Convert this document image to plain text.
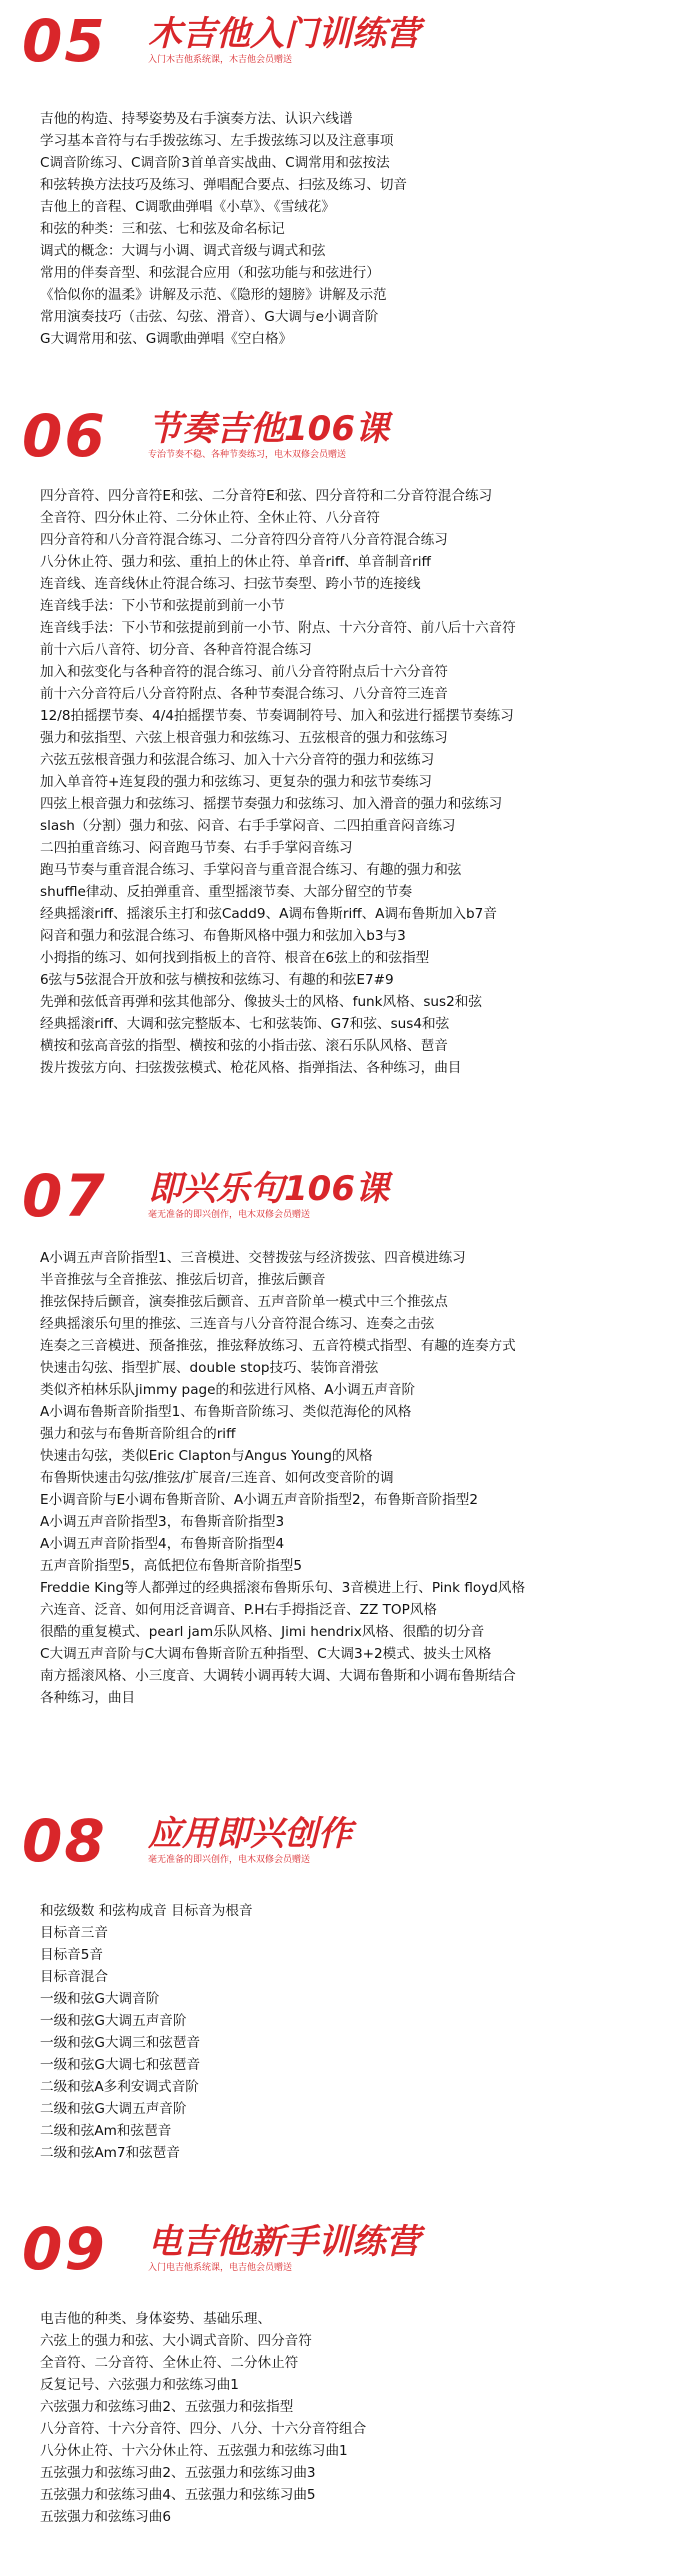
05 木吉他入门训练营
入门木吉他系统课，木吉他会员赠送
吉他的构造、持琴姿势及右手演奏方法、认识六线谱
学习基本音符与右手拨弦练习、左手拨弦练习以及注意事项
C调音阶练习、C调音阶3首单音实战曲、C调常用和弦按法
和弦转换方法技巧及练习、弹唱配合要点、扫弦及练习、切音
吉他上的音程、C调歌曲弹唱《小草》、《雪绒花》
和弦的种类：三和弦、七和弦及命名标记
调式的概念：大调与小调、调式音级与调式和弦
常用的伴奏音型、和弦混合应用（和弦功能与和弦进行）
《恰似你的温柔》讲解及示范、《隐形的翅膀》讲解及示范
常用演奏技巧（击弦、勾弦、滑音）、G大调与e小调音阶
G大调常用和弦、G调歌曲弹唱《空白格》
06 节奏吉他106课
专治节奏不稳、各种节奏练习，电木双修会员赠送
四分音符、四分音符E和弦、二分音符E和弦、四分音符和二分音符混合练习
全音符、四分休止符、二分休止符、全休止符、八分音符
四分音符和八分音符混合练习、二分音符四分音符八分音符混合练习
八分休止符、强力和弦、重拍上的休止符、单音riff、单音制音riff
连音线、连音线休止符混合练习、扫弦节奏型、跨小节的连接线
连音线手法：下小节和弦提前到前一小节
连音线手法：下小节和弦提前到前一小节、附点、十六分音符、前八后十六音符
前十六后八音符、切分音、各种音符混合练习
加入和弦变化与各种音符的混合练习、前八分音符附点后十六分音符
前十六分音符后八分音符附点、各种节奏混合练习、八分音符三连音
12/8拍摇摆节奏、4/4拍摇摆节奏、节奏调制符号、加入和弦进行摇摆节奏练习
强力和弦指型、六弦上根音强力和弦练习、五弦根音的强力和弦练习
六弦五弦根音强力和弦混合练习、加入十六分音符的强力和弦练习
加入单音符+连复段的强力和弦练习、更复杂的强力和弦节奏练习
四弦上根音强力和弦练习、摇摆节奏强力和弦练习、加入滑音的强力和弦练习
slash（分割）强力和弦、闷音、右手手掌闷音、二四拍重音闷音练习
二四拍重音练习、闷音跑马节奏、右手手掌闷音练习
跑马节奏与重音混合练习、手掌闷音与重音混合练习、有趣的强力和弦
shuffle律动、反拍弹重音、重型摇滚节奏、大部分留空的节奏
经典摇滚riff、摇滚乐主打和弦Cadd9、A调布鲁斯riff、A调布鲁斯加入b7音
闷音和强力和弦混合练习、布鲁斯风格中强力和弦加入b3与3
小拇指的练习、如何找到指板上的音符、根音在6弦上的和弦指型
6弦与5弦混合开放和弦与横按和弦练习、有趣的和弦E7#9
先弹和弦低音再弹和弦其他部分、像披头士的风格、funk风格、sus2和弦
经典摇滚riff、大调和弦完整版本、七和弦装饰、G7和弦、sus4和弦
横按和弦高音弦的指型、横按和弦的小指击弦、滚石乐队风格、琶音
拨片拨弦方向、扫弦拨弦模式、枪花风格、指弹指法、各种练习，曲目
07 即兴乐句106课
毫无准备的即兴创作，电木双修会员赠送
A小调五声音阶指型1、三音模进、交替拨弦与经济拨弦、四音模进练习
半音推弦与全音推弦、推弦后切音，推弦后颤音
推弦保持后颤音，演奏推弦后颤音、五声音阶单一模式中三个推弦点
经典摇滚乐句里的推弦、三连音与八分音符混合练习、连奏之击弦
连奏之三音模进、预备推弦，推弦释放练习、五音符模式指型、有趣的连奏方式
快速击勾弦、指型扩展、double stop技巧、装饰音滑弦
类似齐柏林乐队jimmy page的和弦进行风格、A小调五声音阶
A小调布鲁斯音阶指型1、布鲁斯音阶练习、类似范海伦的风格
强力和弦与布鲁斯音阶组合的riff
快速击勾弦，类似Eric Clapton与Angus Young的风格
布鲁斯快速击勾弦/推弦/扩展音/三连音、如何改变音阶的调
E小调音阶与E小调布鲁斯音阶、A小调五声音阶指型2，布鲁斯音阶指型2
A小调五声音阶指型3，布鲁斯音阶指型3
A小调五声音阶指型4，布鲁斯音阶指型4
五声音阶指型5，高低把位布鲁斯音阶指型5
Freddie King等人都弹过的经典摇滚布鲁斯乐句、3音模进上行、Pink floyd风格
六连音、泛音、如何用泛音调音、P.H右手拇指泛音、ZZ TOP风格
很酷的重复模式、pearl jam乐队风格、Jimi hendrix风格、很酷的切分音
C大调五声音阶与C大调布鲁斯音阶五种指型、C大调3+2模式、披头士风格
南方摇滚风格、小三度音、大调转小调再转大调、大调布鲁斯和小调布鲁斯结合
各种练习，曲目
08 应用即兴创作
毫无准备的即兴创作，电木双修会员赠送
和弦级数 和弦构成音 目标音为根音
目标音三音
目标音5音
目标音混合
一级和弦G大调音阶
一级和弦G大调五声音阶
一级和弦G大调三和弦琶音
一级和弦G大调七和弦琶音
二级和弦A多利安调式音阶
二级和弦G大调五声音阶
二级和弦Am和弦琶音
二级和弦Am7和弦琶音
09 电吉他新手训练营
入门电吉他系统课，电吉他会员赠送
电吉他的种类、身体姿势、基础乐理、
六弦上的强力和弦、大小调式音阶、四分音符
全音符、二分音符、全休止符、二分休止符
反复记号、六弦强力和弦练习曲1
六弦强力和弦练习曲2、五弦强力和弦指型
八分音符、十六分音符、四分、八分、十六分音符组合
八分休止符、十六分休止符、五弦强力和弦练习曲1
五弦强力和弦练习曲2、五弦强力和弦练习曲3
五弦强力和弦练习曲4、五弦强力和弦练习曲5
五弦强力和弦练习曲6
